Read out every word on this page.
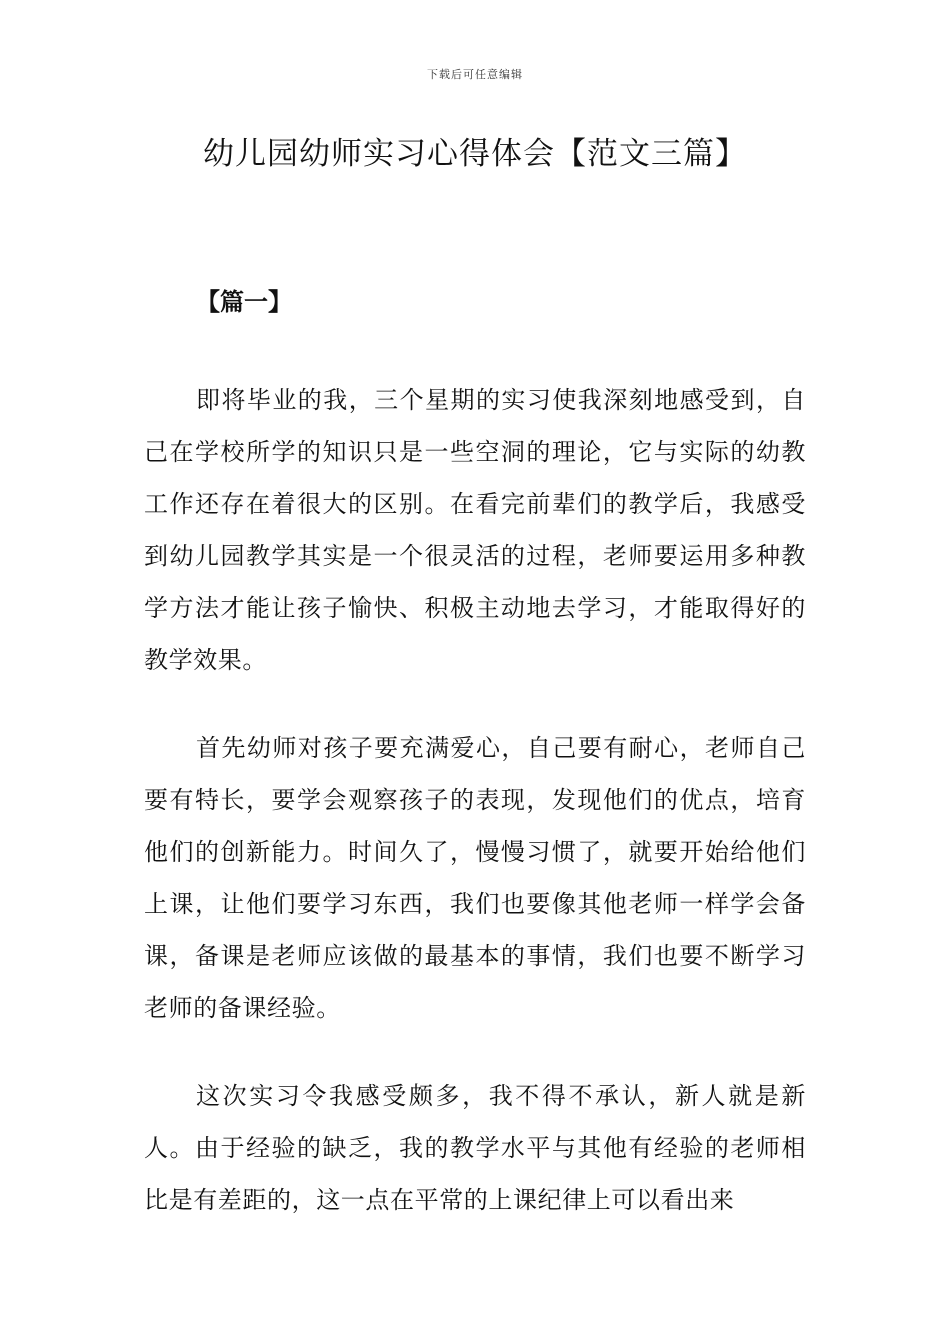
下载后可任意编辑
幼儿园幼师实习心得体会【范文三篇】
【篇一】

即将毕业的我，三个星期的实习使我深刻地感受到，自己在学校所学的知识只是一些空洞的理论，它与实际的幼教工作还存在着很大的区别。在看完前辈们的教学后，我感受到幼儿园教学其实是一个很灵活的过程，老师要运用多种教学方法才能让孩子愉快、积极主动地去学习，才能取得好的教学效果。

首先幼师对孩子要充满爱心，自己要有耐心，老师自己要有特长，要学会观察孩子的表现，发现他们的优点，培育他们的创新能力。时间久了，慢慢习惯了，就要开始给他们上课，让他们要学习东西，我们也要像其他老师一样学会备课，备课是老师应该做的最基本的事情，我们也要不断学习老师的备课经验。

这次实习令我感受颇多，我不得不承认，新人就是新人。由于经验的缺乏，我的教学水平与其他有经验的老师相比是有差距的，这一点在平常的上课纪律上可以看出来
